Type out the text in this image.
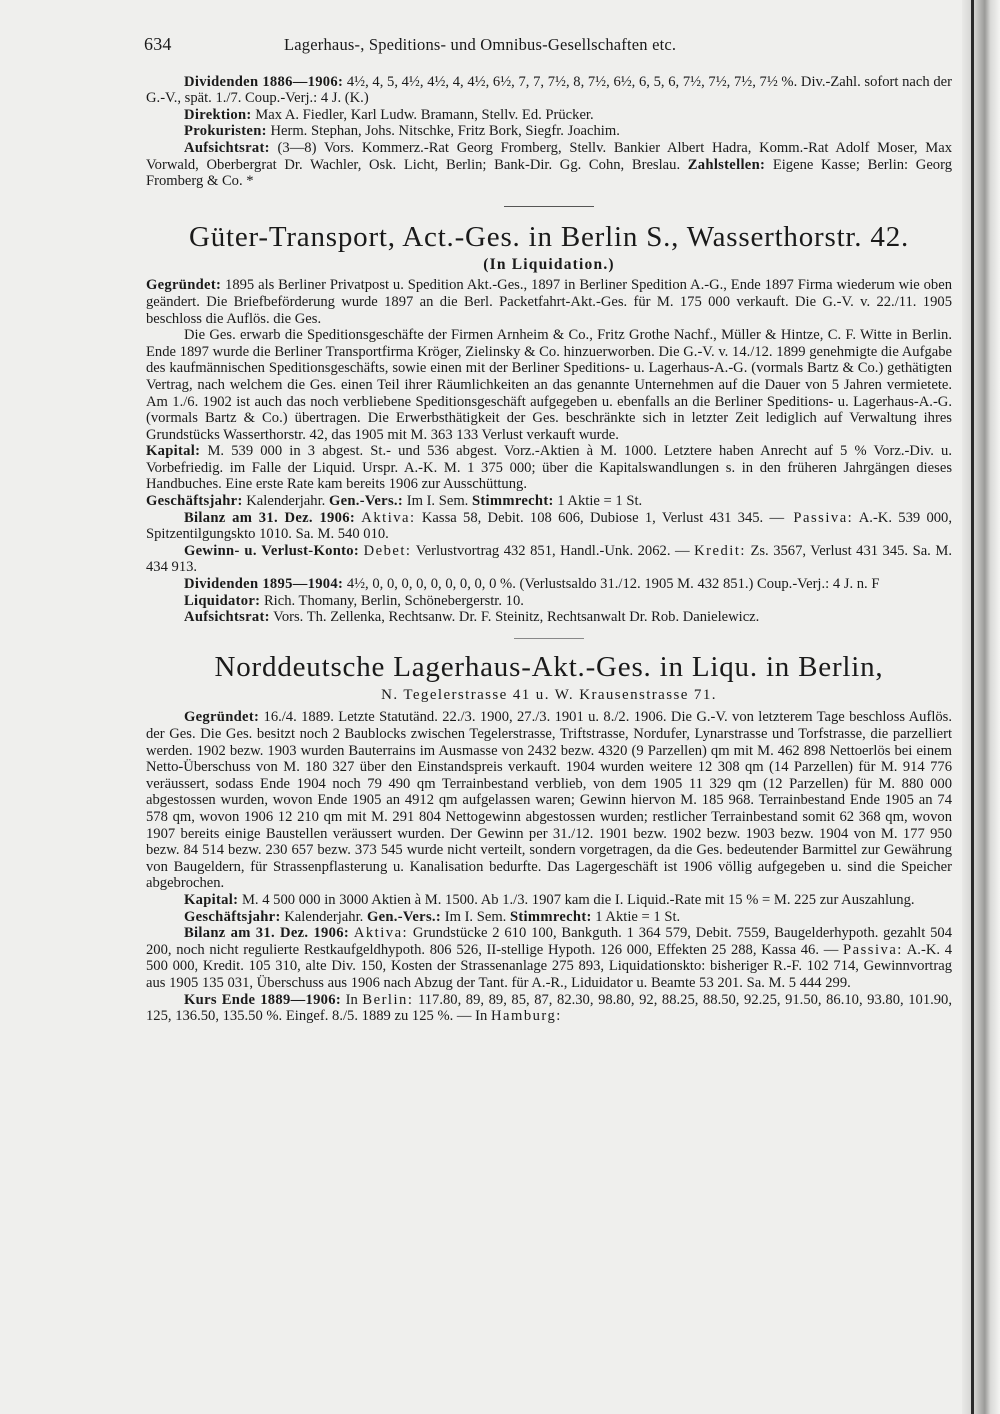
634	Lagerhaus-, Speditions- und Omnibus-Gesellschaften etc.

Dividenden 1886—1906: 4½, 4, 5, 4½, 4½, 4, 4½, 6½, 7, 7, 7½, 8, 7½, 6½, 6, 5, 6, 7½, 7½, 7½, 7½ %. Div.-Zahl. sofort nach der G.-V., spät. 1./7. Coup.-Verj.: 4 J. (K.)

Direktion: Max A. Fiedler, Karl Ludw. Bramann, Stellv. Ed. Prücker.

Prokuristen: Herm. Stephan, Johs. Nitschke, Fritz Bork, Siegfr. Joachim.

Aufsichtsrat: (3—8) Vors. Kommerz.-Rat Georg Fromberg, Stellv. Bankier Albert Hadra, Komm.-Rat Adolf Moser, Max Vorwald, Oberbergrat Dr. Wachler, Osk. Licht, Berlin; Bank-Dir. Gg. Cohn, Breslau. Zahlstellen: Eigene Kasse; Berlin: Georg Fromberg & Co. *

Güter-Transport, Act.-Ges. in Berlin S., Wasserthorstr. 42.
(In Liquidation.)

Gegründet: 1895 als Berliner Privatpost u. Spedition Akt.-Ges., 1897 in Berliner Spedition A.-G., Ende 1897 Firma wiederum wie oben geändert. Die Briefbeförderung wurde 1897 an die Berl. Packetfahrt-Akt.-Ges. für M. 175 000 verkauft. Die G.-V. v. 22./11. 1905 beschloss die Auflös. die Ges.

Die Ges. erwarb die Speditionsgeschäfte der Firmen Arnheim & Co., Fritz Grothe Nachf., Müller & Hintze, C. F. Witte in Berlin. Ende 1897 wurde die Berliner Transportfirma Kröger, Zielinsky & Co. hinzuerworben. Die G.-V. v. 14./12. 1899 genehmigte die Aufgabe des kaufmännischen Speditionsgeschäfts, sowie einen mit der Berliner Speditions- u. Lagerhaus-A.-G. (vormals Bartz & Co.) gethätigten Vertrag, nach welchem die Ges. einen Teil ihrer Räumlichkeiten an das genannte Unternehmen auf die Dauer von 5 Jahren vermietete. Am 1./6. 1902 ist auch das noch verbliebene Speditionsgeschäft aufgegeben u. ebenfalls an die Berliner Speditions- u. Lagerhaus-A.-G. (vormals Bartz & Co.) übertragen. Die Erwerbsthätigkeit der Ges. beschränkte sich in letzter Zeit lediglich auf Verwaltung ihres Grundstücks Wasserthorstr. 42, das 1905 mit M. 363 133 Verlust verkauft wurde.

Kapital: M. 539 000 in 3 abgest. St.- und 536 abgest. Vorz.-Aktien à M. 1000. Letztere haben Anrecht auf 5 % Vorz.-Div. u. Vorbefriedig. im Falle der Liquid. Urspr. A.-K. M. 1 375 000; über die Kapitalswandlungen s. in den früheren Jahrgängen dieses Handbuches. Eine erste Rate kam bereits 1906 zur Ausschüttung.

Geschäftsjahr: Kalenderjahr. Gen.-Vers.: Im I. Sem. Stimmrecht: 1 Aktie = 1 St.

Bilanz am 31. Dez. 1906: Aktiva: Kassa 58, Debit. 108 606, Dubiose 1, Verlust 431 345. — Passiva: A.-K. 539 000, Spitzentilgungskto 1010. Sa. M. 540 010.

Gewinn- u. Verlust-Konto: Debet: Verlustvortrag 432 851, Handl.-Unk. 2062. — Kredit: Zs. 3567, Verlust 431 345. Sa. M. 434 913.

Dividenden 1895—1904: 4½, 0, 0, 0, 0, 0, 0, 0, 0, 0 %. (Verlustsaldo 31./12. 1905 M. 432 851.) Coup.-Verj.: 4 J. n. F

Liquidator: Rich. Thomany, Berlin, Schönebergerstr. 10.

Aufsichtsrat: Vors. Th. Zellenka, Rechtsanw. Dr. F. Steinitz, Rechtsanwalt Dr. Rob. Danielewicz.

Norddeutsche Lagerhaus-Akt.-Ges. in Liqu. in Berlin,
N. Tegelerstrasse 41 u. W. Krausenstrasse 71.

Gegründet: 16./4. 1889. Letzte Statutänd. 22./3. 1900, 27./3. 1901 u. 8./2. 1906. Die G.-V. von letzterem Tage beschloss Auflös. der Ges. Die Ges. besitzt noch 2 Baublocks zwischen Tegelerstrasse, Triftstrasse, Nordufer, Lynarstrasse und Torfstrasse, die parzelliert werden. 1902 bezw. 1903 wurden Bauterrains im Ausmasse von 2432 bezw. 4320 (9 Parzellen) qm mit M. 462 898 Nettoerlös bei einem Netto-Überschuss von M. 180 327 über den Einstandspreis verkauft. 1904 wurden weitere 12 308 qm (14 Parzellen) für M. 914 776 veräussert, sodass Ende 1904 noch 79 490 qm Terrainbestand verblieb, von dem 1905 11 329 qm (12 Parzellen) für M. 880 000 abgestossen wurden, wovon Ende 1905 an 4912 qm aufgelassen waren; Gewinn hiervon M. 185 968. Terrainbestand Ende 1905 an 74 578 qm, wovon 1906 12 210 qm mit M. 291 804 Nettogewinn abgestossen wurden; restlicher Terrainbestand somit 62 368 qm, wovon 1907 bereits einige Baustellen veräussert wurden. Der Gewinn per 31./12. 1901 bezw. 1902 bezw. 1903 bezw. 1904 von M. 177 950 bezw. 84 514 bezw. 230 657 bezw. 373 545 wurde nicht verteilt, sondern vorgetragen, da die Ges. bedeutender Barmittel zur Gewährung von Baugeldern, für Strassenpflasterung u. Kanalisation bedurfte. Das Lagergeschäft ist 1906 völlig aufgegeben u. sind die Speicher abgebrochen.

Kapital: M. 4 500 000 in 3000 Aktien à M. 1500. Ab 1./3. 1907 kam die I. Liquid.-Rate mit 15 % = M. 225 zur Auszahlung.

Geschäftsjahr: Kalenderjahr. Gen.-Vers.: Im I. Sem. Stimmrecht: 1 Aktie = 1 St.

Bilanz am 31. Dez. 1906: Aktiva: Grundstücke 2 610 100, Bankguth. 1 364 579, Debit. 7559, Baugelderhypoth. gezahlt 504 200, noch nicht regulierte Restkaufgeldhypoth. 806 526, II-stellige Hypoth. 126 000, Effekten 25 288, Kassa 46. — Passiva: A.-K. 4 500 000, Kredit. 105 310, alte Div. 150, Kosten der Strassenanlage 275 893, Liquidationskto: bisheriger R.-F. 102 714, Gewinnvortrag aus 1905 135 031, Überschuss aus 1906 nach Abzug der Tant. für A.-R., Liduidator u. Beamte 53 201. Sa. M. 5 444 299.

Kurs Ende 1889—1906: In Berlin: 117.80, 89, 89, 85, 87, 82.30, 98.80, 92, 88.25, 88.50, 92.25, 91.50, 86.10, 93.80, 101.90, 125, 136.50, 135.50 %. Eingef. 8./5. 1889 zu 125 %. — In Hamburg:
